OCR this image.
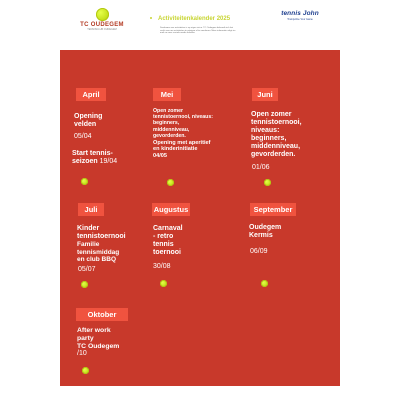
TC OUDEGEM
TENNISCLUB OUDEGEM
Activiteitenkalender 2025
Deelname aan activiteiten is op eigen risico. TC Oudegem behoudt zich het recht voor om activiteiten te wijzigen of te annuleren. Meer informatie volgt via mail en onze sociale media kanalen.
tennis John
Trampoline Your Game
April
Opening
velden
05/04
Start tennis-
seizoen 19/04
Mei
Open zomer
tennistoernooi, niveaus:
beginners,
middenniveau,
gevorderden.
Opening met aperitief
en kinderinitiatie
04/05
Juni
Open zomer
tennistoernooi,
niveaus:
beginners,
middenniveau,
gevorderden.
01/06
Juli
Kinder
tennistoernooi
Familie
tennismiddag
en club BBQ
05/07
Augustus
Carnaval
- retro
tennis
toernooi
30/08
September
Oudegem
Kermis
06/09
Oktober
After work
party
TC Oudegem
/10
